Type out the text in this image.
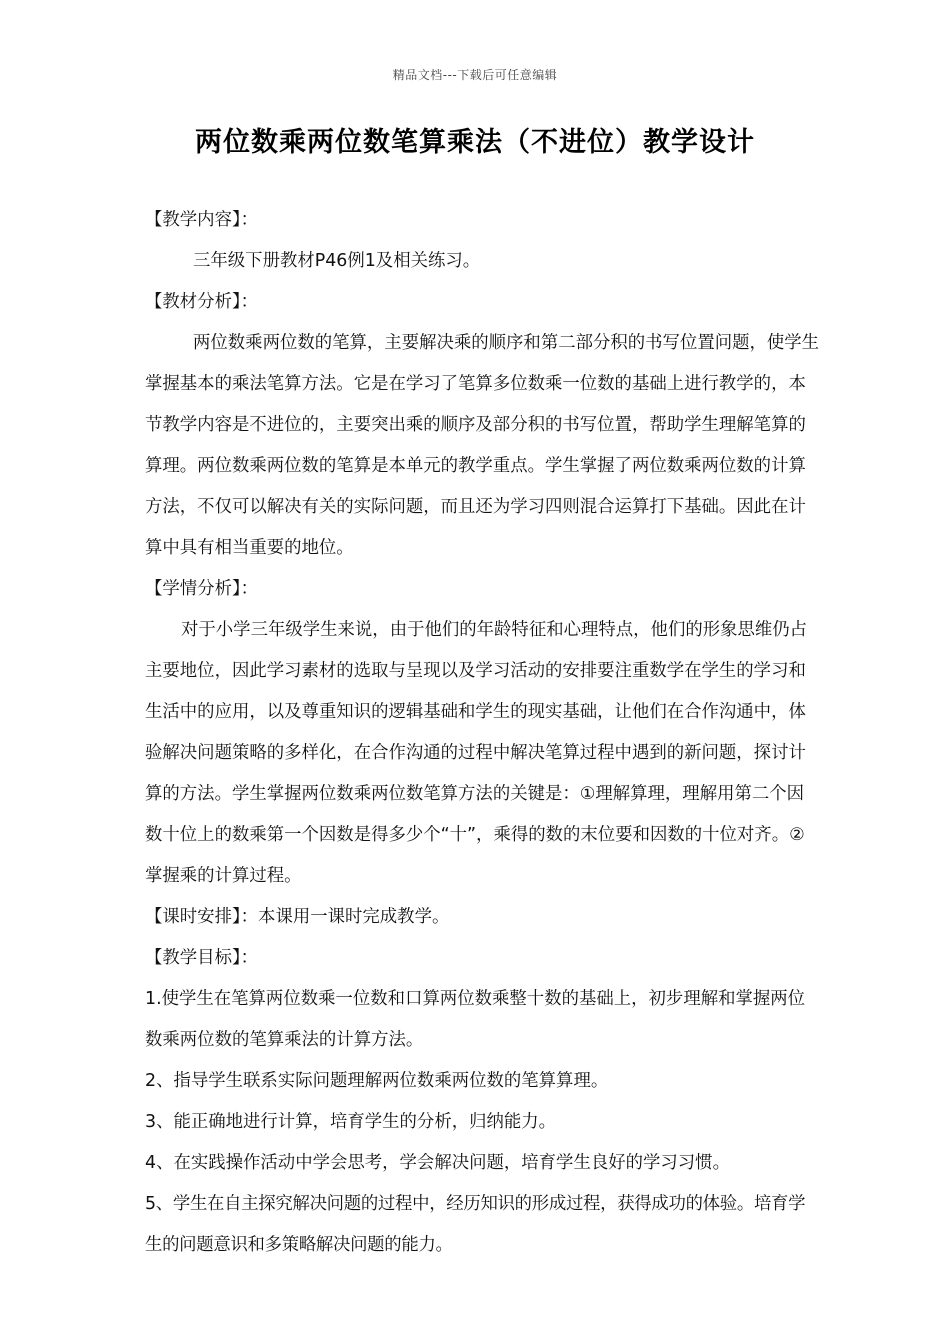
精品文档---下载后可任意编辑
两位数乘两位数笔算乘法（不进位）教学设计

【教学内容】：

三年级下册教材P46例1及相关练习。

【教材分析】：

两位数乘两位数的笔算，主要解决乘的顺序和第二部分积的书写位置问题，使学生掌握基本的乘法笔算方法。它是在学习了笔算多位数乘一位数的基础上进行教学的，本节教学内容是不进位的，主要突出乘的顺序及部分积的书写位置，帮助学生理解笔算的算理。两位数乘两位数的笔算是本单元的教学重点。学生掌握了两位数乘两位数的计算方法，不仅可以解决有关的实际问题，而且还为学习四则混合运算打下基础。因此在计算中具有相当重要的地位。

【学情分析】：

对于小学三年级学生来说，由于他们的年龄特征和心理特点，他们的形象思维仍占主要地位，因此学习素材的选取与呈现以及学习活动的安排要注重数学在学生的学习和生活中的应用，以及尊重知识的逻辑基础和学生的现实基础，让他们在合作沟通中，体验解决问题策略的多样化，在合作沟通的过程中解决笔算过程中遇到的新问题，探讨计算的方法。学生掌握两位数乘两位数笔算方法的关键是：①理解算理，理解用第二个因数十位上的数乘第一个因数是得多少个“十”，乘得的数的末位要和因数的十位对齐。②掌握乘的计算过程。

【课时安排】：本课用一课时完成教学。

【教学目标】：

1.使学生在笔算两位数乘一位数和口算两位数乘整十数的基础上，初步理解和掌握两位数乘两位数的笔算乘法的计算方法。

2、指导学生联系实际问题理解两位数乘两位数的笔算算理。

3、能正确地进行计算，培育学生的分析，归纳能力。

4、在实践操作活动中学会思考，学会解决问题，培育学生良好的学习习惯。

5、学生在自主探究解决问题的过程中，经历知识的形成过程，获得成功的体验。培育学生的问题意识和多策略解决问题的能力。
